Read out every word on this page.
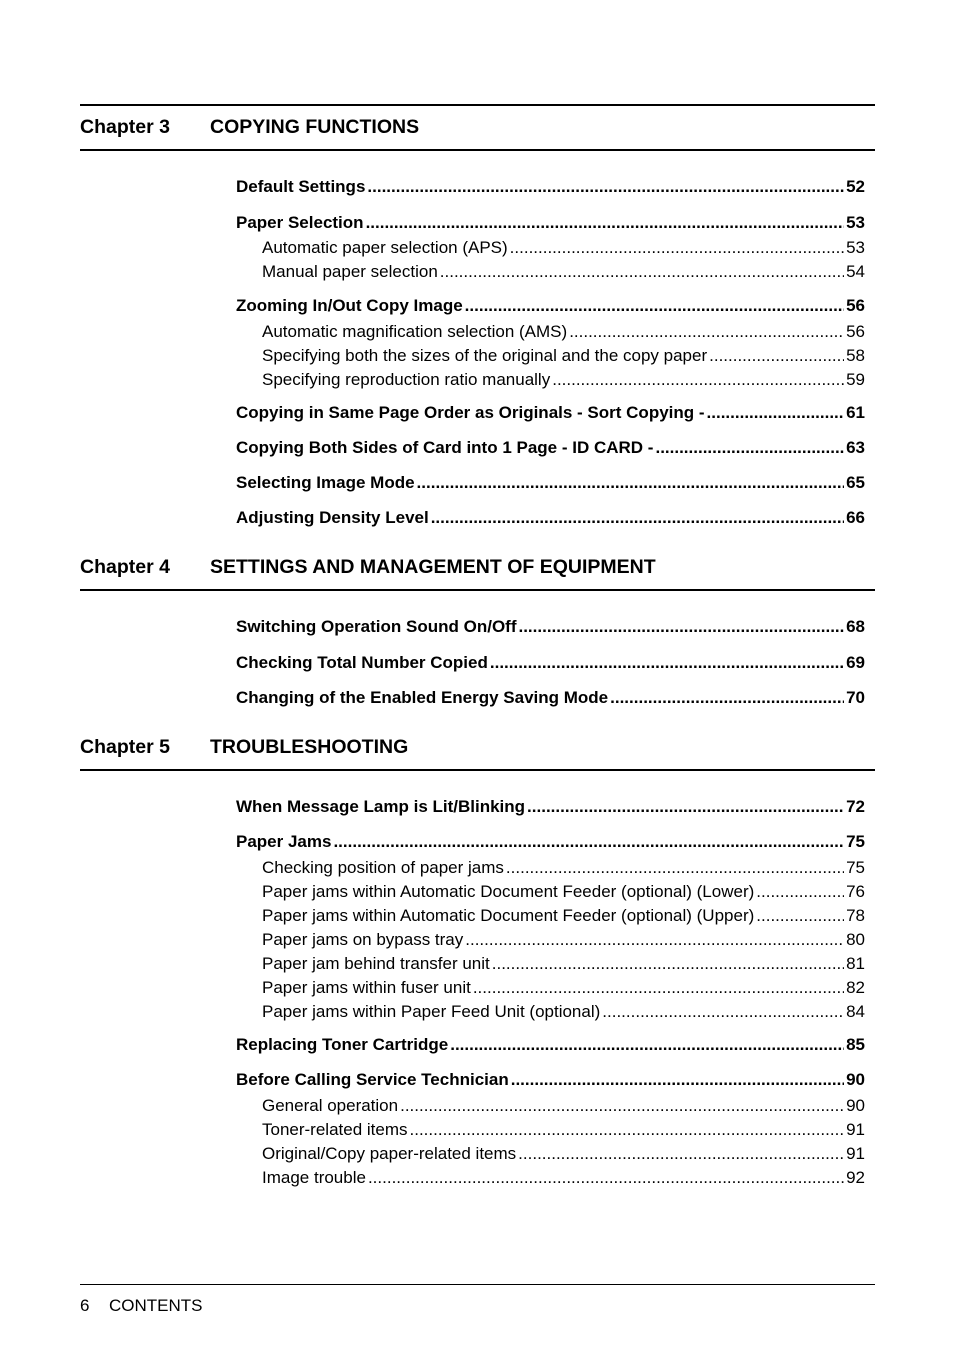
Chapter 3	COPYING FUNCTIONS
Default Settings .....	52
Paper Selection .....	53
Automatic paper selection (APS) .....	53
Manual paper selection .....	54
Zooming In/Out Copy Image .....	56
Automatic magnification selection (AMS) .....	56
Specifying both the sizes of the original and the copy paper .....	58
Specifying reproduction ratio manually .....	59
Copying in Same Page Order as Originals - Sort Copying - .....	61
Copying Both Sides of Card into 1 Page - ID CARD - .....	63
Selecting Image Mode .....	65
Adjusting Density Level .....	66
Chapter 4	SETTINGS AND MANAGEMENT OF EQUIPMENT
Switching Operation Sound On/Off .....	68
Checking Total Number Copied .....	69
Changing of the Enabled Energy Saving Mode .....	70
Chapter 5	TROUBLESHOOTING
When Message Lamp is Lit/Blinking .....	72
Paper Jams .....	75
Checking position of paper jams .....	75
Paper jams within Automatic Document Feeder (optional) (Lower) .....	76
Paper jams within Automatic Document Feeder (optional) (Upper) .....	78
Paper jams on bypass tray .....	80
Paper jam behind transfer unit .....	81
Paper jams within fuser unit .....	82
Paper jams within Paper Feed Unit (optional) .....	84
Replacing Toner Cartridge .....	85
Before Calling Service Technician .....	90
General operation .....	90
Toner-related items .....	91
Original/Copy paper-related items .....	91
Image trouble .....	92
6 CONTENTS
